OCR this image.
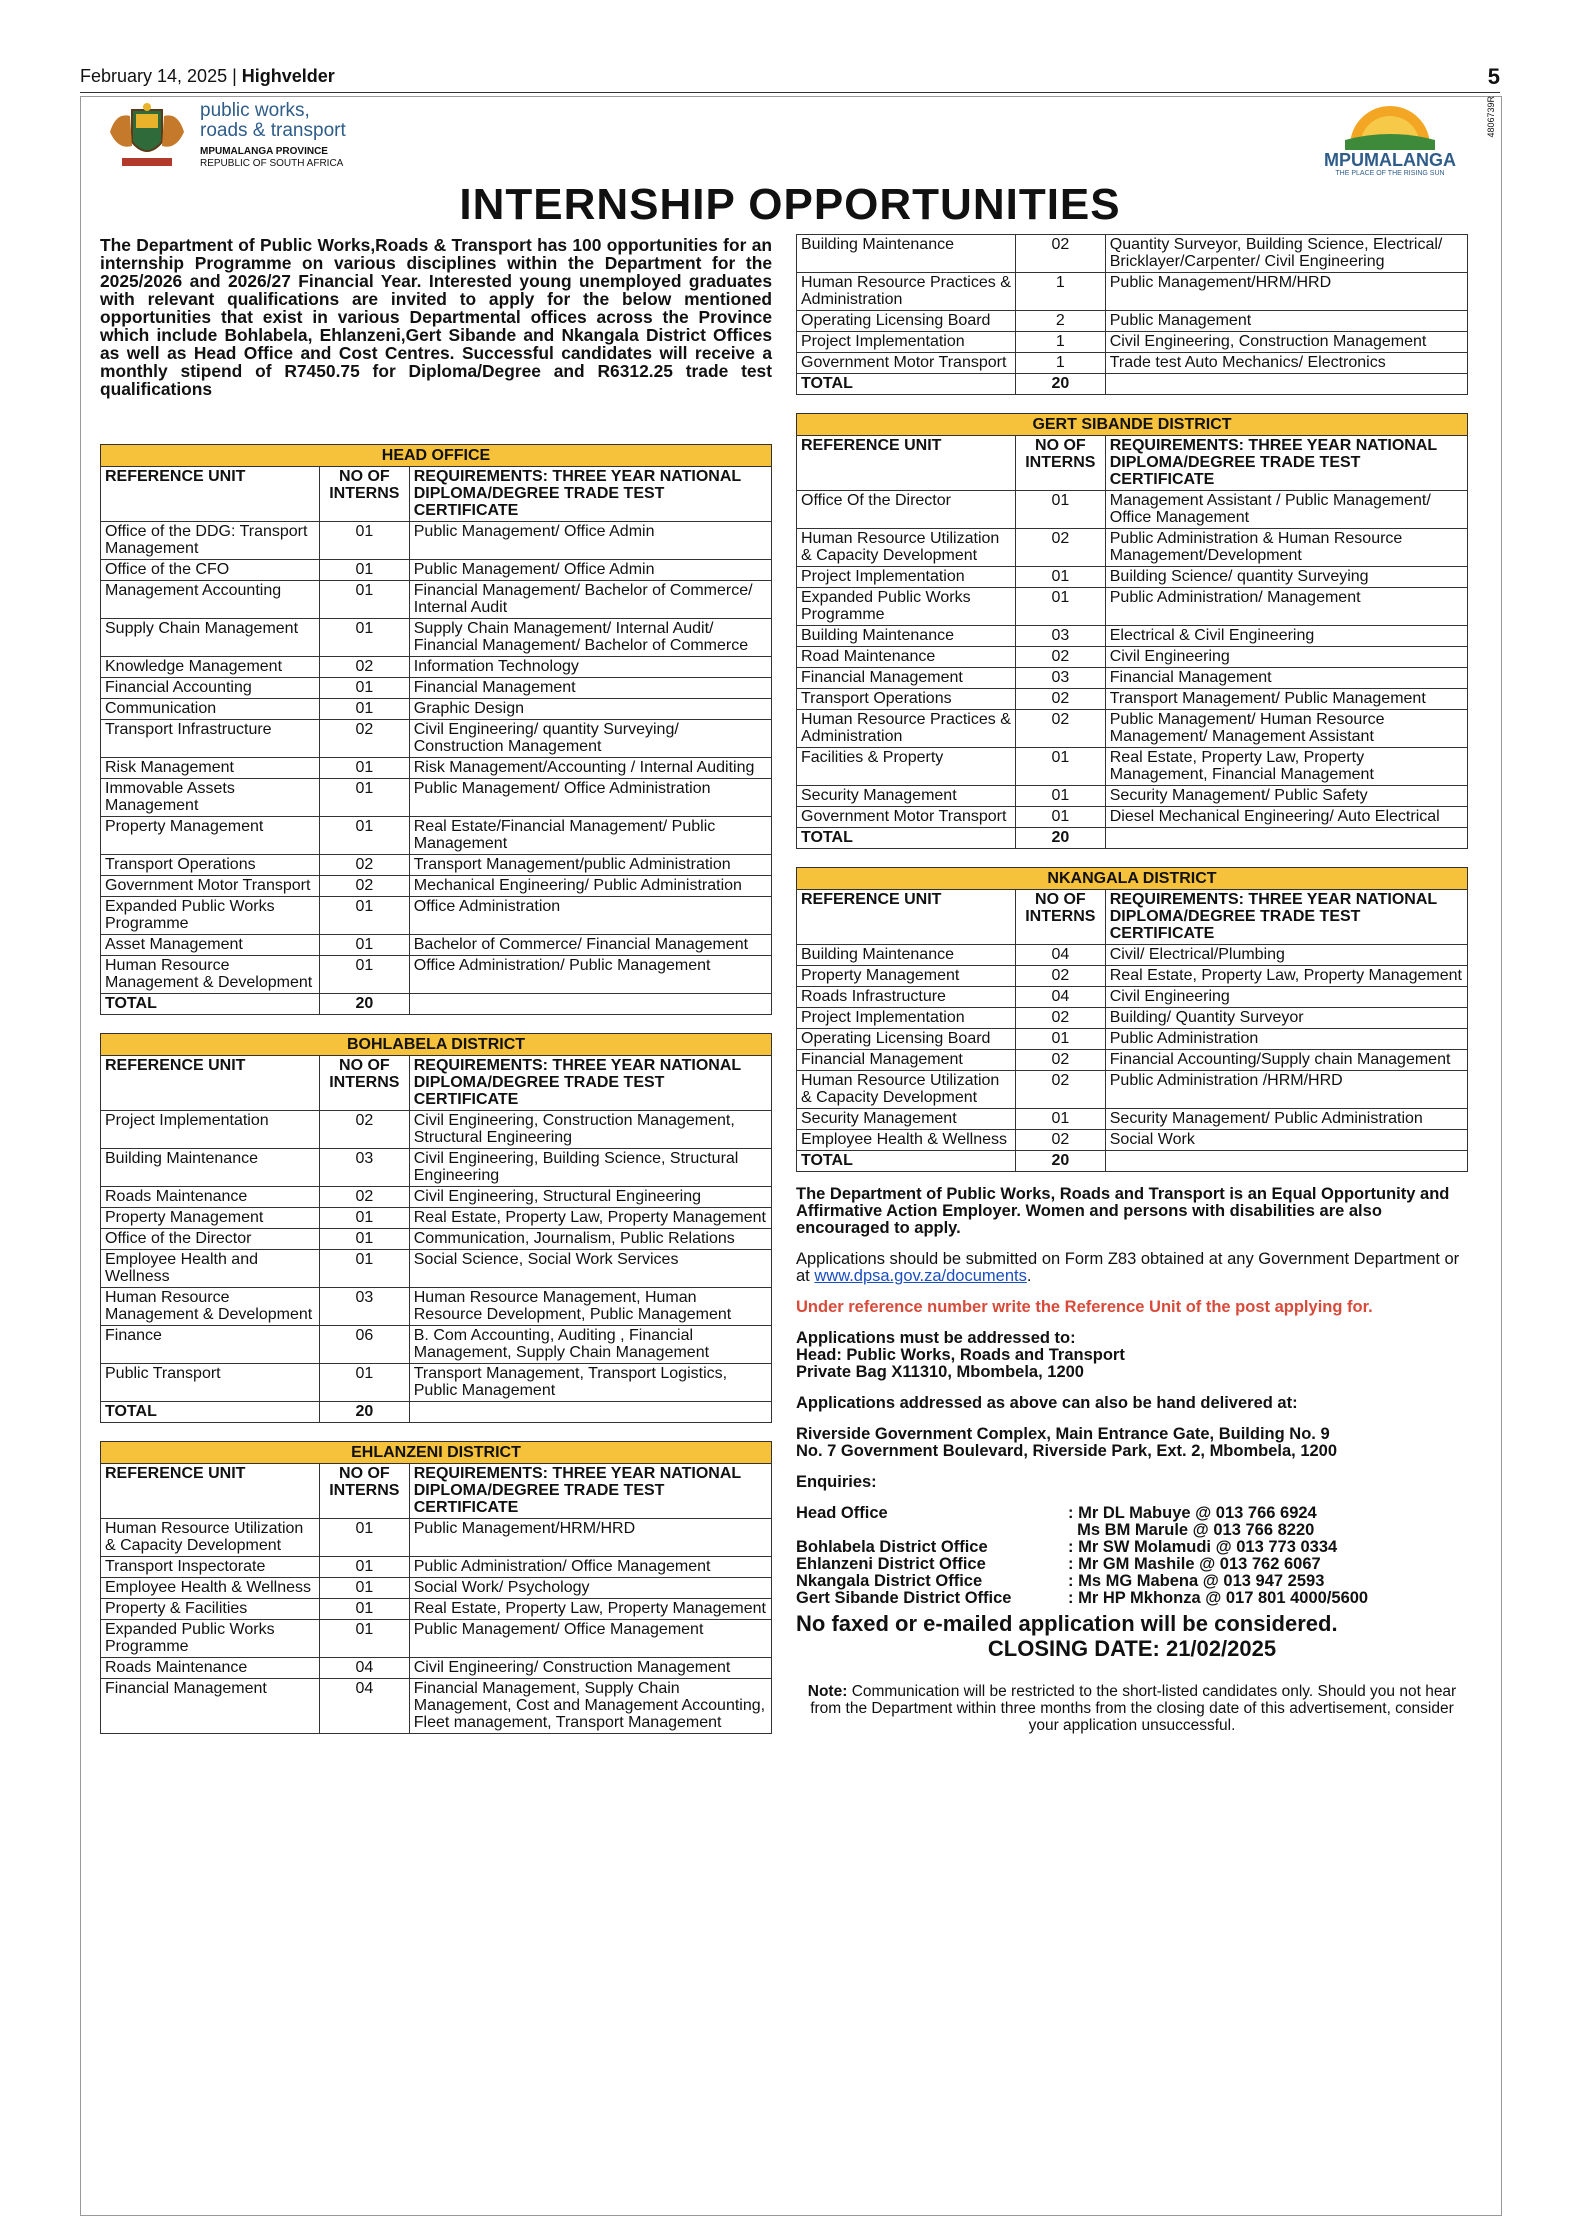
February 14, 2025 | Highvelder	5
4806739R
public works,
roads & transport
MPUMALANGA PROVINCE
REPUBLIC OF SOUTH AFRICA	MPUMALANGA
THE PLACE OF THE RISING SUN
INTERNSHIP OPPORTUNITIES
The Department of Public Works,Roads & Transport has 100 opportunities for an internship Programme on various disciplines within the Department for the 2025/2026 and 2026/27 Financial Year. Interested young unemployed graduates with relevant qualifications are invited to apply for the below mentioned opportunities that exist in various Departmental offices across the Province which include Bohlabela, Ehlanzeni,Gert Sibande and Nkangala District Offices as well as Head Office and Cost Centres. Successful candidates will receive a monthly stipend of R7450.75 for Diploma/Degree and R6312.25 trade test qualifications
HEAD OFFICE		
REFERENCE UNIT	NO OF INTERNS	REQUIREMENTS: THREE YEAR NATIONAL DIPLOMA/DEGREE TRADE TEST CERTIFICATE
Office of the DDG: Transport Management	01	Public Management/ Office Admin
Office of the CFO	01	Public Management/ Office Admin
Management Accounting	01	Financial Management/ Bachelor of Commerce/ Internal Audit
Supply Chain Management	01	Supply Chain Management/ Internal Audit/ Financial Management/ Bachelor of Commerce
Knowledge Management	02	Information Technology
Financial Accounting	01	Financial Management
Communication	01	Graphic Design
Transport Infrastructure	02	Civil Engineering/ quantity Surveying/ Construction Management
Risk Management	01	Risk Management/Accounting / Internal Auditing
Immovable Assets Management	01	Public Management/ Office Administration
Property Management	01	Real Estate/Financial Management/ Public Management
Transport Operations	02	Transport Management/public Administration
Government Motor Transport	02	Mechanical Engineering/ Public Administration
Expanded Public Works Programme	01	Office Administration
Asset Management	01	Bachelor of Commerce/ Financial Management
Human Resource Management & Development	01	Office Administration/ Public Management
TOTAL	20	
BOHLABELA DISTRICT		
REFERENCE UNIT	NO OF INTERNS	REQUIREMENTS: THREE YEAR NATIONAL DIPLOMA/DEGREE TRADE TEST CERTIFICATE
Project Implementation	02	Civil Engineering, Construction Management, Structural Engineering
Building Maintenance	03	Civil Engineering, Building Science, Structural Engineering
Roads Maintenance	02	Civil Engineering, Structural Engineering
Property Management	01	Real Estate, Property Law, Property Management
Office of the Director	01	Communication, Journalism, Public Relations
Employee Health and Wellness	01	Social Science, Social Work Services
Human Resource Management & Development	03	Human Resource Management, Human Resource Development, Public Management
Finance	06	B. Com Accounting, Auditing , Financial Management, Supply Chain Management
Public Transport	01	Transport Management, Transport Logistics, Public Management
TOTAL	20	
EHLANZENI DISTRICT		
REFERENCE UNIT	NO OF INTERNS	REQUIREMENTS: THREE YEAR NATIONAL DIPLOMA/DEGREE TRADE TEST CERTIFICATE
Human Resource Utilization & Capacity Development	01	Public Management/HRM/HRD
Transport Inspectorate	01	Public Administration/ Office Management
Employee Health & Wellness	01	Social Work/ Psychology
Property & Facilities	01	Real Estate, Property Law, Property Management
Expanded Public Works Programme	01	Public Management/ Office Management
Roads Maintenance	04	Civil Engineering/ Construction Management
Financial Management	04	Financial Management, Supply Chain Management, Cost and Management Accounting, Fleet management, Transport Management
Building Maintenance	02	Quantity Surveyor, Building Science, Electrical/ Bricklayer/Carpenter/ Civil Engineering
Human Resource Practices & Administration	1	Public Management/HRM/HRD
Operating Licensing Board	2	Public Management
Project Implementation	1	Civil Engineering, Construction Management
Government Motor Transport	1	Trade test Auto Mechanics/ Electronics
TOTAL	20	
GERT SIBANDE DISTRICT		
REFERENCE UNIT	NO OF INTERNS	REQUIREMENTS: THREE YEAR NATIONAL DIPLOMA/DEGREE TRADE TEST CERTIFICATE
Office Of the Director	01	Management Assistant / Public Management/ Office Management
Human Resource Utilization & Capacity Development	02	Public Administration & Human Resource Management/Development
Project Implementation	01	Building Science/ quantity Surveying
Expanded Public Works Programme	01	Public Administration/ Management
Building Maintenance	03	Electrical & Civil Engineering
Road Maintenance	02	Civil Engineering
Financial Management	03	Financial Management
Transport Operations	02	Transport Management/ Public Management
Human Resource Practices & Administration	02	Public Management/ Human Resource Management/ Management Assistant
Facilities & Property	01	Real Estate, Property Law, Property Management, Financial Management
Security Management	01	Security Management/ Public Safety
Government Motor Transport	01	Diesel Mechanical Engineering/ Auto Electrical
TOTAL	20	
NKANGALA DISTRICT		
REFERENCE UNIT	NO OF INTERNS	REQUIREMENTS: THREE YEAR NATIONAL DIPLOMA/DEGREE TRADE TEST CERTIFICATE
Building Maintenance	04	Civil/ Electrical/Plumbing
Property Management	02	Real Estate, Property Law, Property Management
Roads Infrastructure	04	Civil Engineering
Project Implementation	02	Building/ Quantity Surveyor
Operating Licensing Board	01	Public Administration
Financial Management	02	Financial Accounting/Supply chain Management
Human Resource Utilization & Capacity Development	02	Public Administration /HRM/HRD
Security Management	01	Security Management/ Public Administration
Employee Health & Wellness	02	Social Work
TOTAL	20	

The Department of Public Works, Roads and Transport is an Equal Opportunity and Affirmative Action Employer. Women and persons with disabilities are also encouraged to apply.

Applications should be submitted on Form Z83 obtained at any Government Department or at www.dpsa.gov.za/documents.

Under reference number write the Reference Unit of the post applying for.

Applications must be addressed to:
Head: Public Works, Roads and Transport
Private Bag X11310, Mbombela, 1200

Applications addressed as above can also be hand delivered at:

Riverside Government Complex, Main Entrance Gate, Building No. 9
No. 7 Government Boulevard, Riverside Park, Ext. 2, Mbombela, 1200

Enquiries:

Head Office	: Mr DL Mabuye @ 013 766 6924
	Ms BM Marule @ 013 766 8220
Bohlabela District Office	: Mr SW Molamudi @ 013 773 0334
Ehlanzeni District Office	: Mr GM Mashile @ 013 762 6067
Nkangala District Office	: Ms MG Mabena @ 013 947 2593
Gert Sibande District Office	: Mr HP Mkhonza @ 017 801 4000/5600
No faxed or e-mailed application will be considered.
CLOSING DATE: 21/02/2025
Note: Communication will be restricted to the short-listed candidates only. Should you not hear from the Department within three months from the closing date of this advertisement, consider your application unsuccessful.
